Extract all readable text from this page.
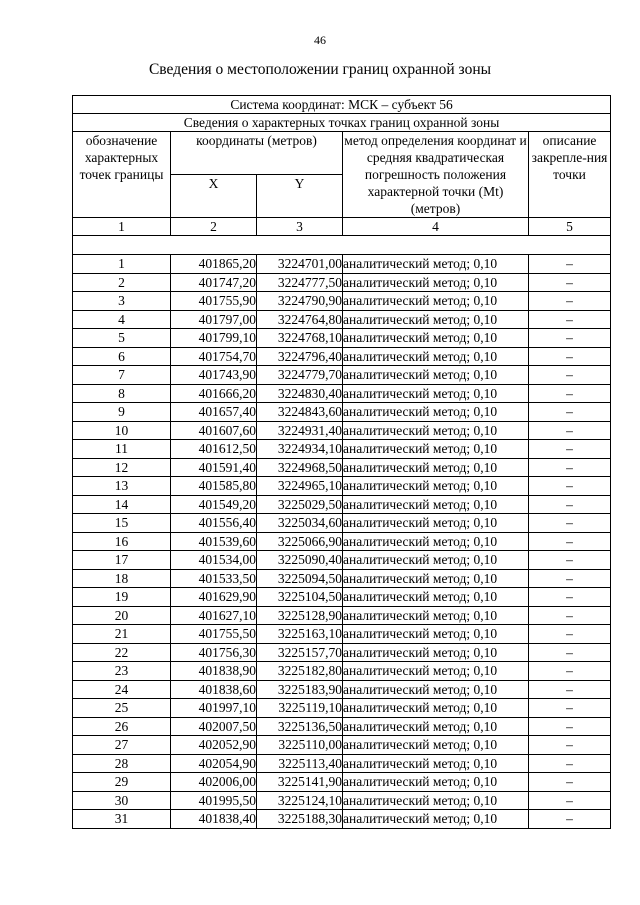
46
Сведения о местоположении границ охранной зоны
Система координат: МСК – субъект 56				
Сведения о характерных точках границ охранной зоны				
обозначение характерных точек границы	координаты (метров)		метод определения координат и средняя квадратическая погрешность положения характерной точки (Mt) (метров)	описание закрепле-ния точки
	X	Y		
1	2	3	4	5

1	401865,20	3224701,00	аналитический метод; 0,10	–
2	401747,20	3224777,50	аналитический метод; 0,10	–
3	401755,90	3224790,90	аналитический метод; 0,10	–
4	401797,00	3224764,80	аналитический метод; 0,10	–
5	401799,10	3224768,10	аналитический метод; 0,10	–
6	401754,70	3224796,40	аналитический метод; 0,10	–
7	401743,90	3224779,70	аналитический метод; 0,10	–
8	401666,20	3224830,40	аналитический метод; 0,10	–
9	401657,40	3224843,60	аналитический метод; 0,10	–
10	401607,60	3224931,40	аналитический метод; 0,10	–
11	401612,50	3224934,10	аналитический метод; 0,10	–
12	401591,40	3224968,50	аналитический метод; 0,10	–
13	401585,80	3224965,10	аналитический метод; 0,10	–
14	401549,20	3225029,50	аналитический метод; 0,10	–
15	401556,40	3225034,60	аналитический метод; 0,10	–
16	401539,60	3225066,90	аналитический метод; 0,10	–
17	401534,00	3225090,40	аналитический метод; 0,10	–
18	401533,50	3225094,50	аналитический метод; 0,10	–
19	401629,90	3225104,50	аналитический метод; 0,10	–
20	401627,10	3225128,90	аналитический метод; 0,10	–
21	401755,50	3225163,10	аналитический метод; 0,10	–
22	401756,30	3225157,70	аналитический метод; 0,10	–
23	401838,90	3225182,80	аналитический метод; 0,10	–
24	401838,60	3225183,90	аналитический метод; 0,10	–
25	401997,10	3225119,10	аналитический метод; 0,10	–
26	402007,50	3225136,50	аналитический метод; 0,10	–
27	402052,90	3225110,00	аналитический метод; 0,10	–
28	402054,90	3225113,40	аналитический метод; 0,10	–
29	402006,00	3225141,90	аналитический метод; 0,10	–
30	401995,50	3225124,10	аналитический метод; 0,10	–
31	401838,40	3225188,30	аналитический метод; 0,10	–
